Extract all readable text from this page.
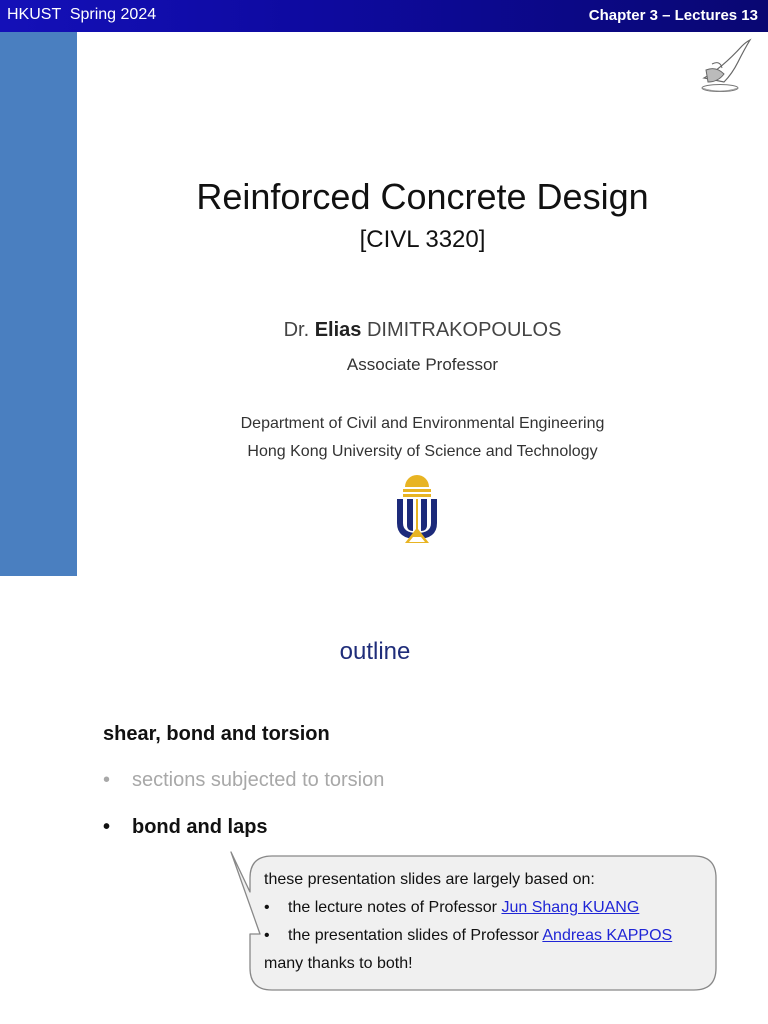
HKUST  Spring 2024	Chapter 3 – Lectures 13
Reinforced Concrete Design
[CIVL 3320]
Dr. Elias DIMITRAKOPOULOS
Associate Professor
Department of Civil and Environmental Engineering
Hong Kong University of Science and Technology
outline
shear, bond and torsion
• sections subjected to torsion
• bond and laps
these presentation slides are largely based on:
• the lecture notes of Professor Jun Shang KUANG
• the presentation slides of Professor Andreas KAPPOS
many thanks to both!
